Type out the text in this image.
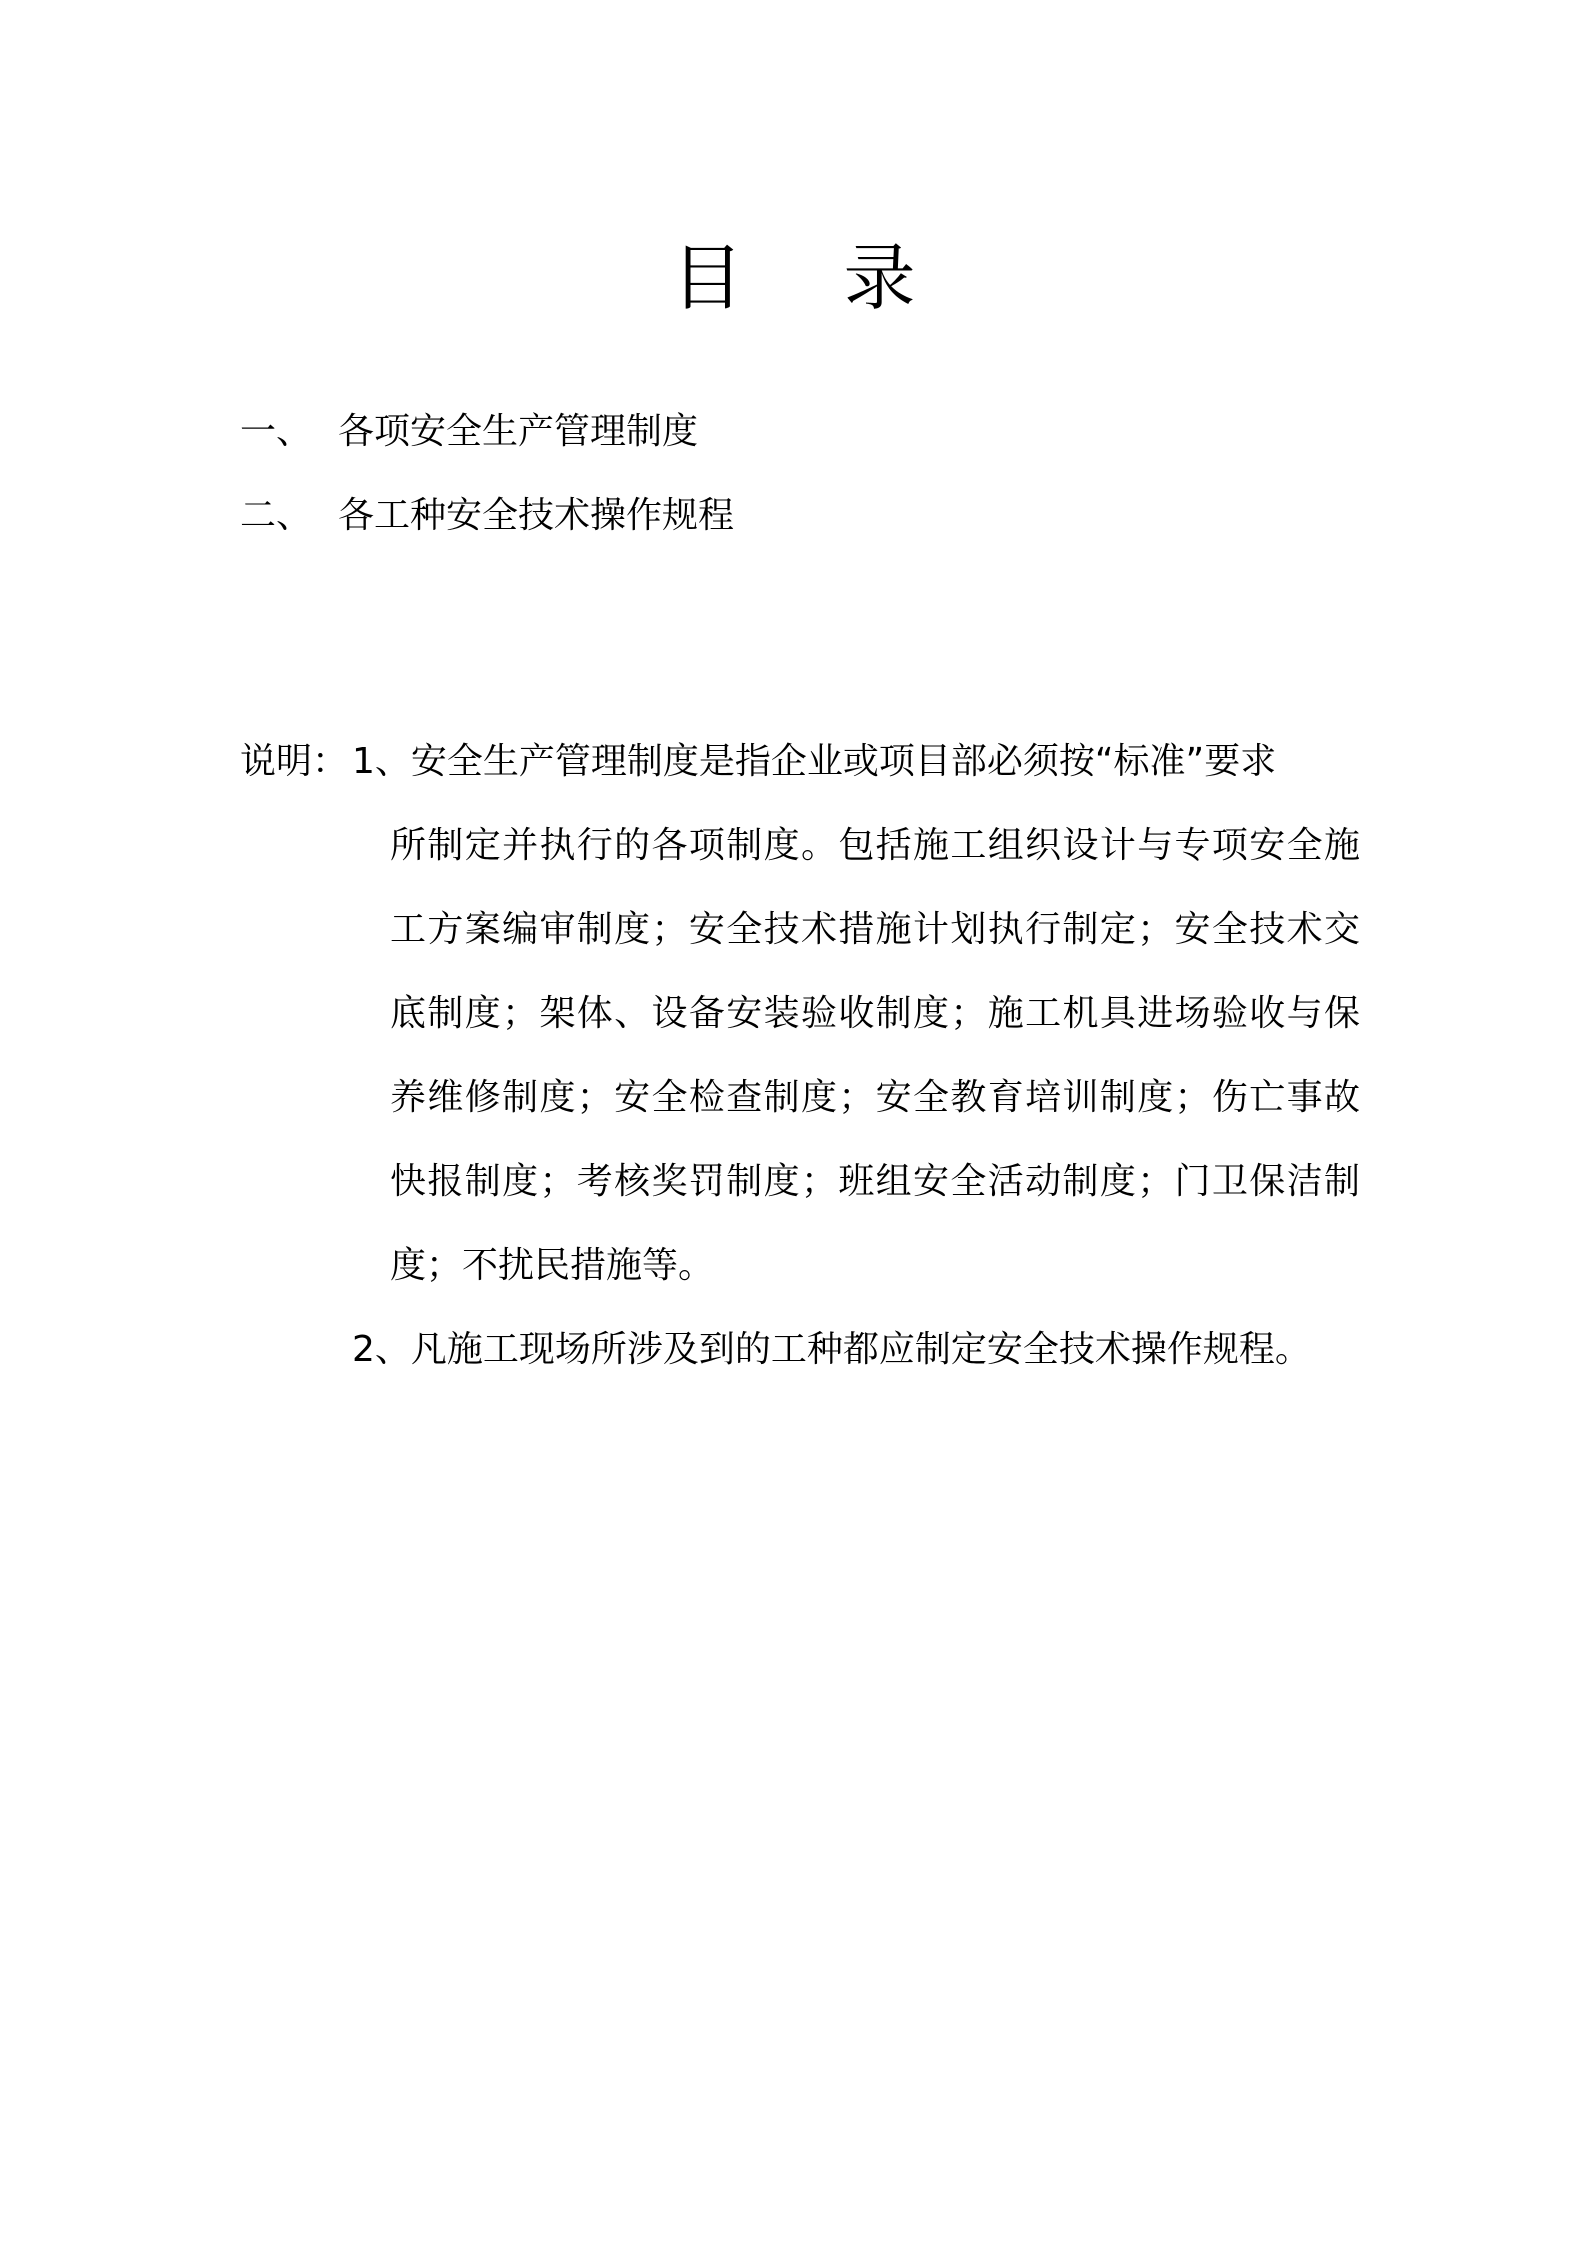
目 录
一、 各项安全生产管理制度
二、 各工种安全技术操作规程
说明： 1、安全生产管理制度是指企业或项目部必须按“标准”要求
所制定并执行的各项制度。包括施工组织设计与专项安全施
工方案编审制度；安全技术措施计划执行制定；安全技术交
底制度；架体、设备安装验收制度；施工机具进场验收与保
养维修制度；安全检查制度；安全教育培训制度；伤亡事故
快报制度；考核奖罚制度；班组安全活动制度；门卫保洁制
度；不扰民措施等。
2、凡施工现场所涉及到的工种都应制定安全技术操作规程。
